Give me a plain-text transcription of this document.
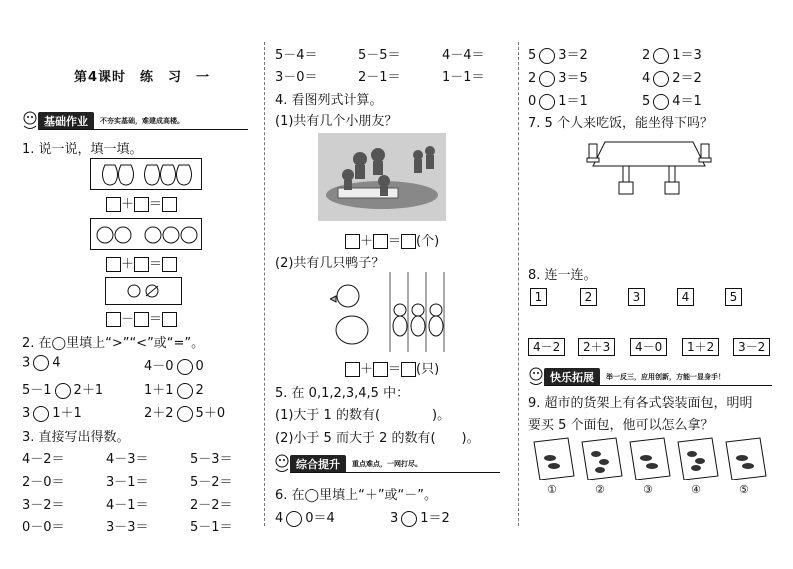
第4课时　练　习　一
基础作业	不夯实基础，难建成高楼。
1. 说一说，填一填。
＋ ＝
＋ ＝
－ ＝
2. 在◯里填上“>”“<”或“=”。
3 4	4－0 0
5－1 2＋1	1＋1 2
3 1＋1	2＋2 5＋0
3. 直接写出得数。
4－2＝	4－3＝	5－3＝
2－0＝	3－1＝	5－2＝
3－2＝	4－1＝	2－2＝
0－0＝	3－3＝	5－1＝
5－4＝	5－5＝	4－4＝
3－0＝	2－1＝	1－1＝
4. 看图列式计算。
(1)共有几个小朋友？
＋ ＝ (个)
(2)共有几只鸭子？
＋ ＝ (只)
5. 在 0,1,2,3,4,5 中：
(1)大于 1 的数有(　　　　)。
(2)小于 5 而大于 2 的数有(　　)。
综合提升	重点难点，一网打尽。
6. 在◯里填上“＋”或“－”。
4 0＝4	3 1＝2
5 3＝2	2 1＝3
2 3＝5	4 2＝2
0 1＝1	5 4＝1
7. 5 个人来吃饭，能坐得下吗？
8. 连一连。
1	2	3	4	5
4－2	2＋3	4－0	1＋2	3－2
快乐拓展	举一反三，应用创新，方能一显身手！
9. 超市的货架上有各式袋装面包，明明
要买 5 个面包，他可以怎么拿？
①	②	③	④	⑤
